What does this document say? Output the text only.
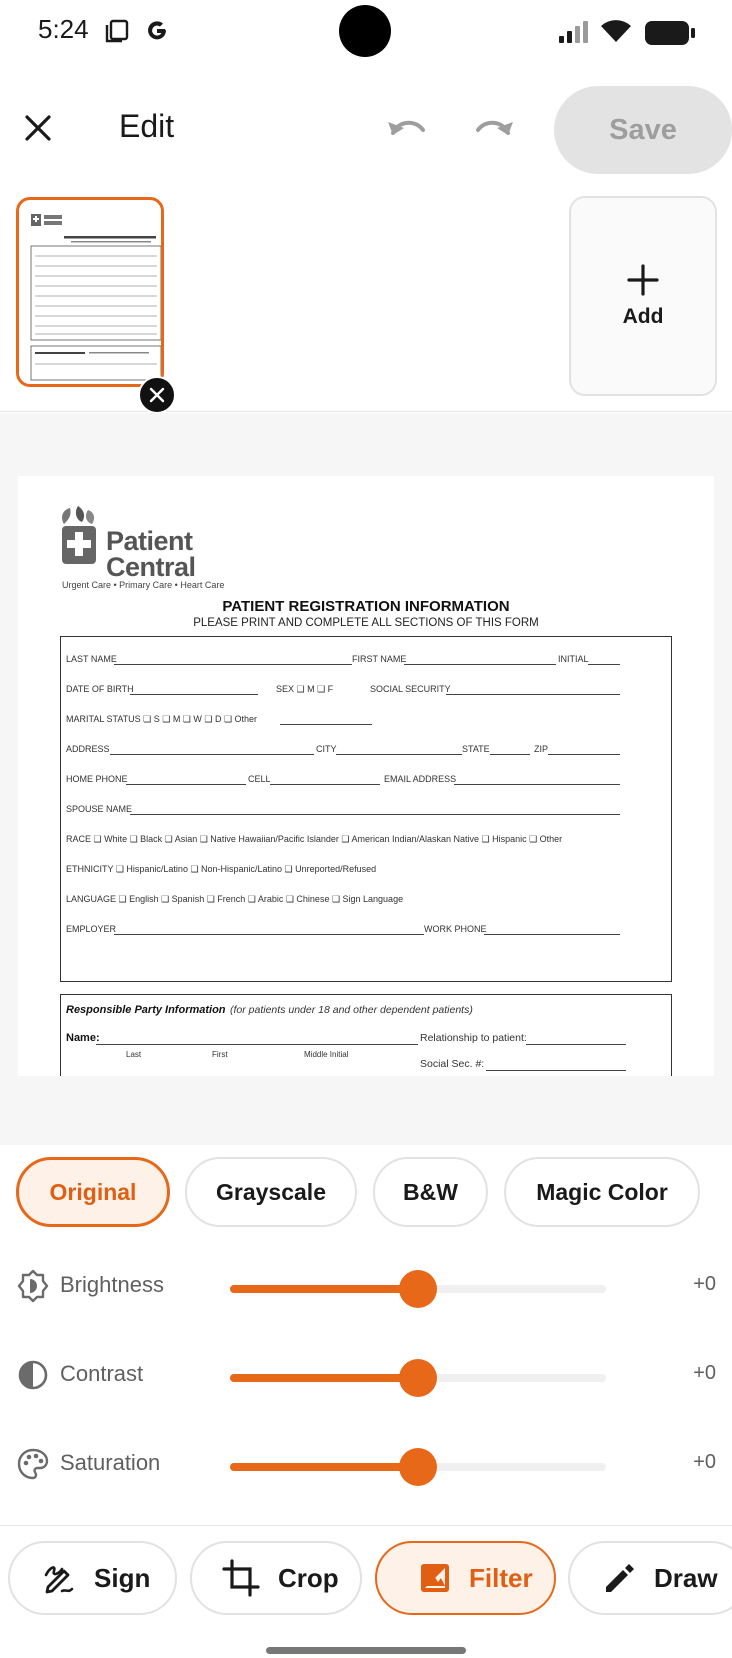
5:24
Edit	Save
Add
Patient
Central
Urgent Care • Primary Care • Heart Care
PATIENT REGISTRATION INFORMATION
PLEASE PRINT AND COMPLETE ALL SECTIONS OF THIS FORM
LAST NAME	FIRST NAME	INITIAL
DATE OF BIRTH	SEX ❑ M ❑ F	SOCIAL SECURITY
MARITAL STATUS ❑ S ❑ M ❑ W ❑ D ❑ Other
ADDRESS	CITY	STATE	ZIP
HOME PHONE	CELL	EMAIL ADDRESS
SPOUSE NAME
RACE ❑ White ❑ Black ❑ Asian ❑ Native Hawaiian/Pacific Islander ❑ American Indian/Alaskan Native ❑ Hispanic ❑ Other
ETHNICITY ❑ Hispanic/Latino ❑ Non-Hispanic/Latino ❑ Unreported/Refused
LANGUAGE ❑ English ❑ Spanish ❑ French ❑ Arabic ❑ Chinese ❑ Sign Language
EMPLOYER	WORK PHONE
Responsible Party Information (for patients under 18 and other dependent patients)
Name:
Last	First	Middle Initial
Relationship to patient:
Social Sec. #:
Original	Grayscale	B&W	Magic Color
Brightness	+0
Contrast	+0
Saturation	+0
Sign	Crop	Filter	Draw
